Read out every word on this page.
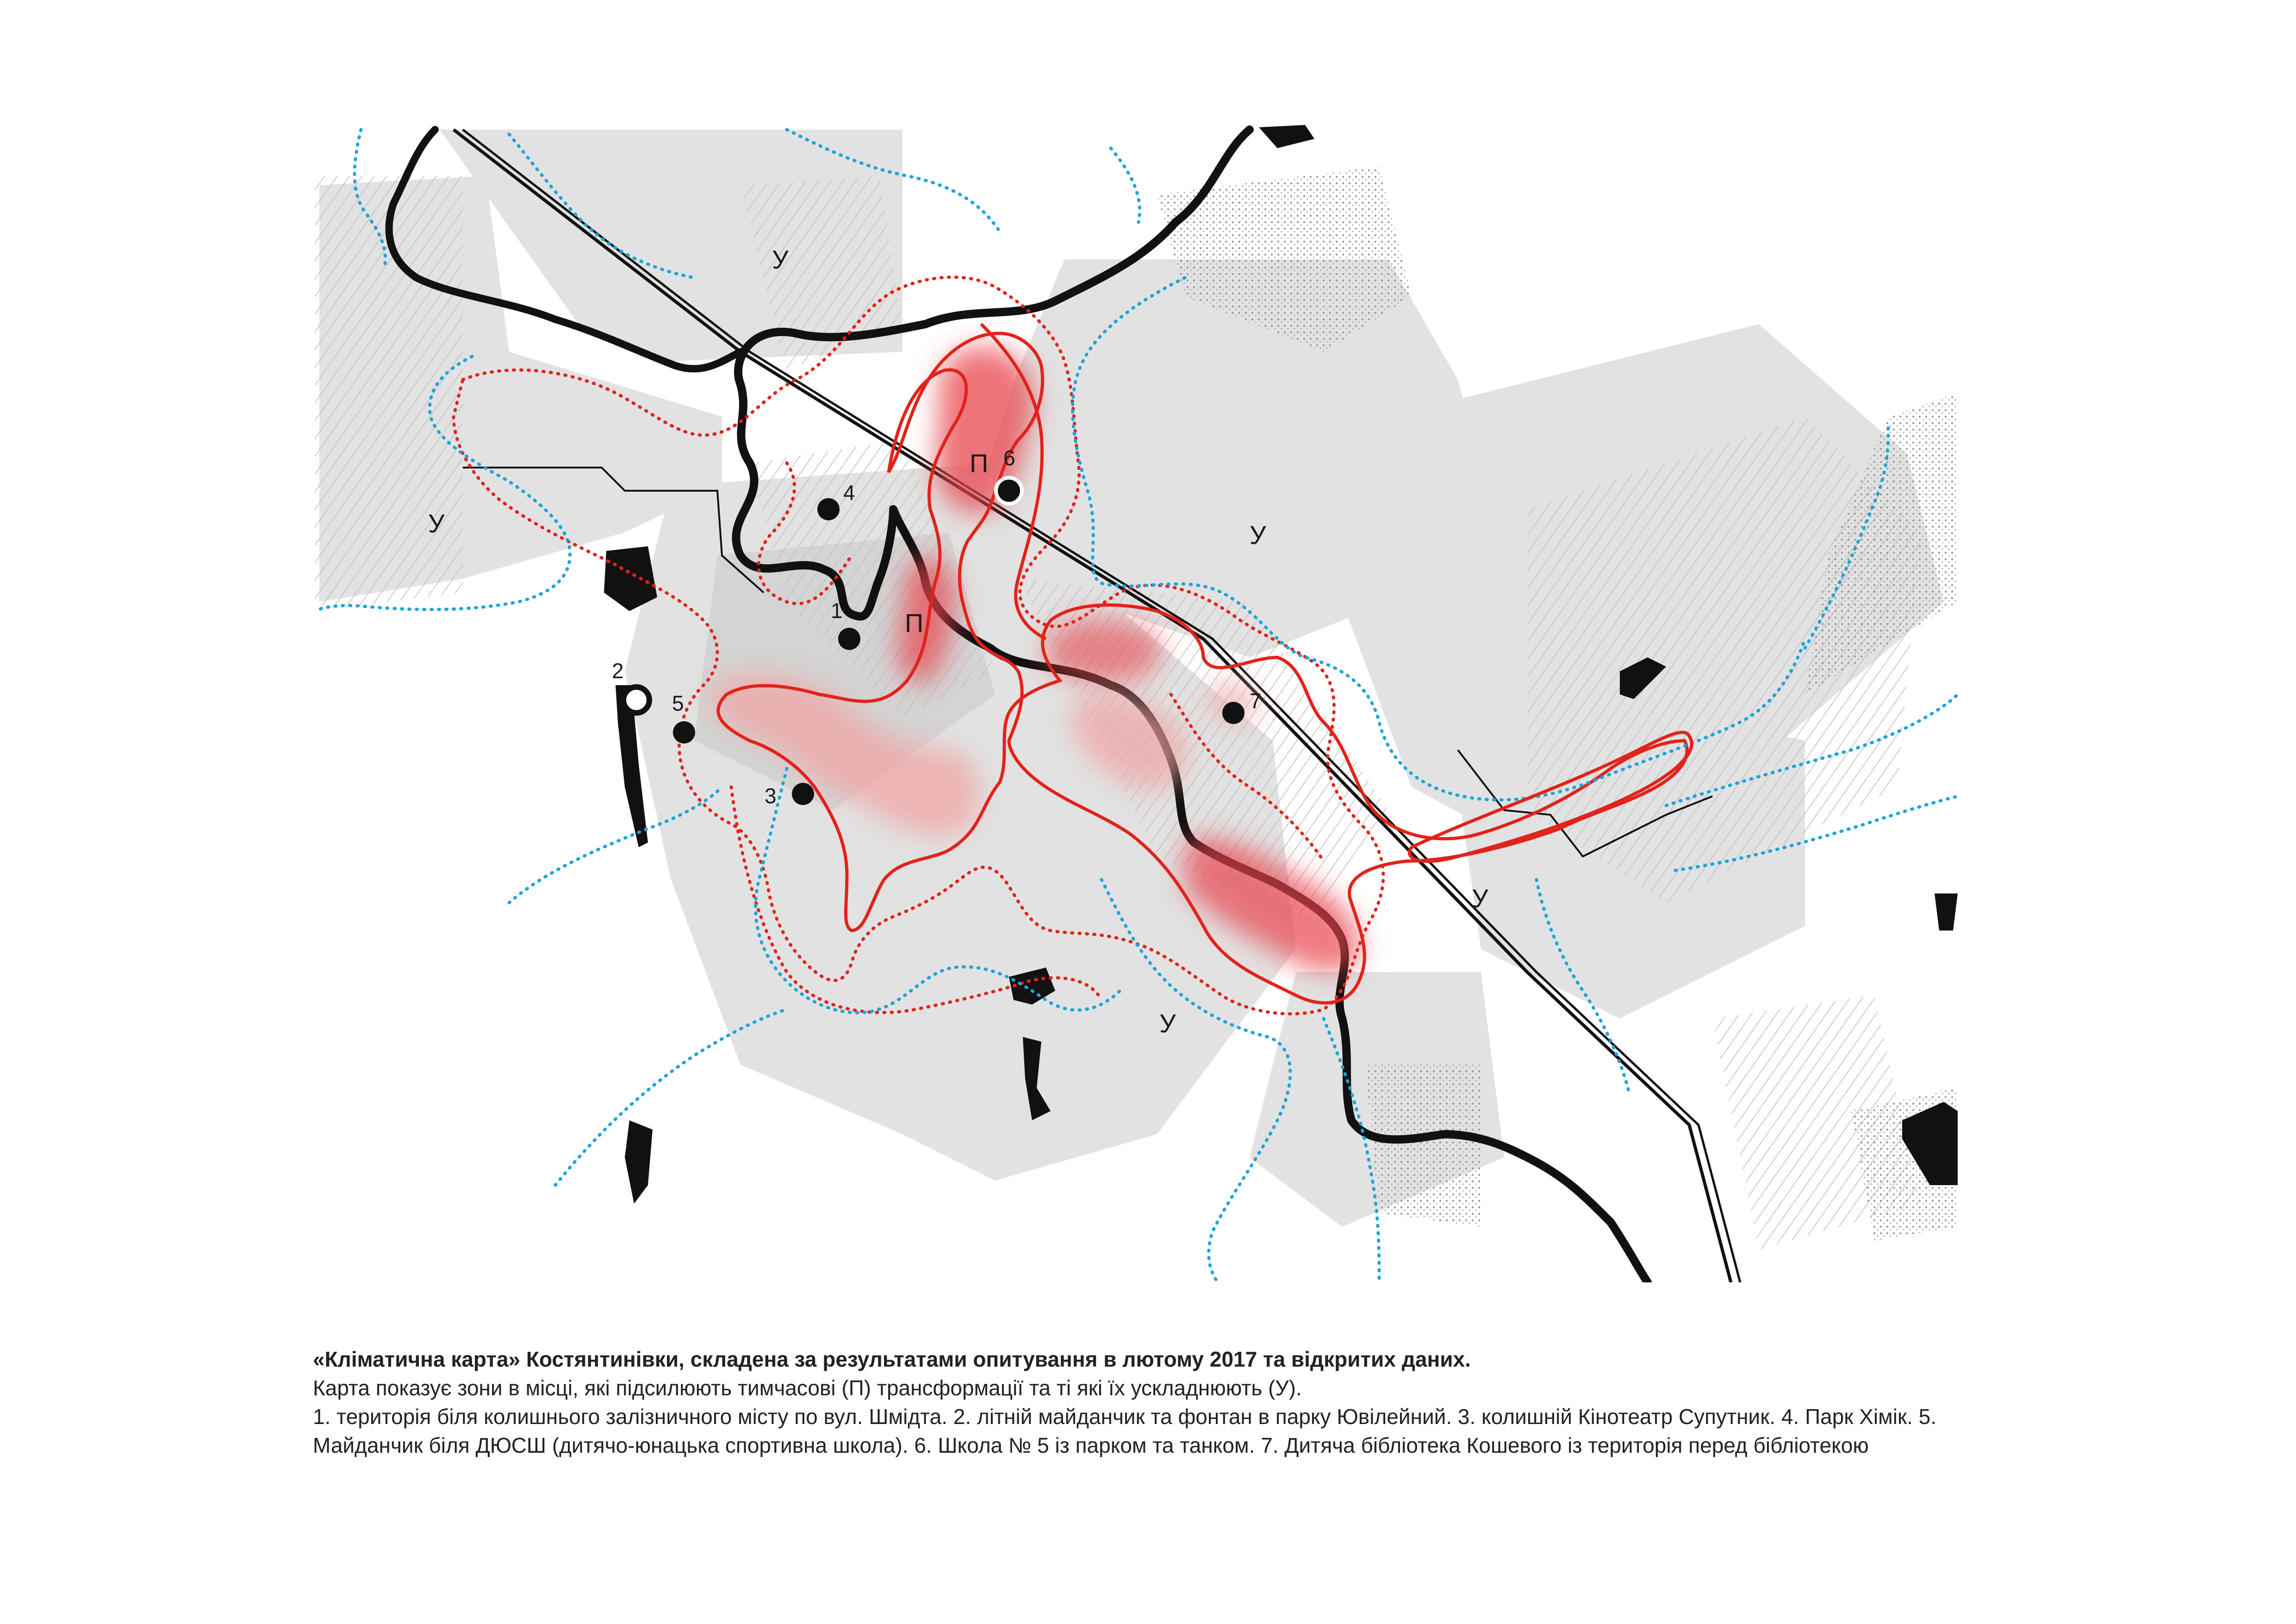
У
У	У
У
У
П
П
1
2
3
4
5
6
7

«Кліматична карта» Костянтинівки, складена за результатами опитування в лютому 2017 та відкритих даних.

Карта показує зони в місці, які підсилюють тимчасові (П) трансформації та ті які їх ускладнюють (У).

1. територія біля колишнього залізничного місту по вул. Шмідта. 2. літній майданчик та фонтан в парку Ювілейний. 3. колишній Кінотеатр Супутник. 4. Парк Хімік. 5. Майданчик біля ДЮСШ (дитячо-юнацька спортивна школа). 6. Школа № 5 із парком та танком. 7. Дитяча бібліотека Кошевого із територія перед бібліотекою
